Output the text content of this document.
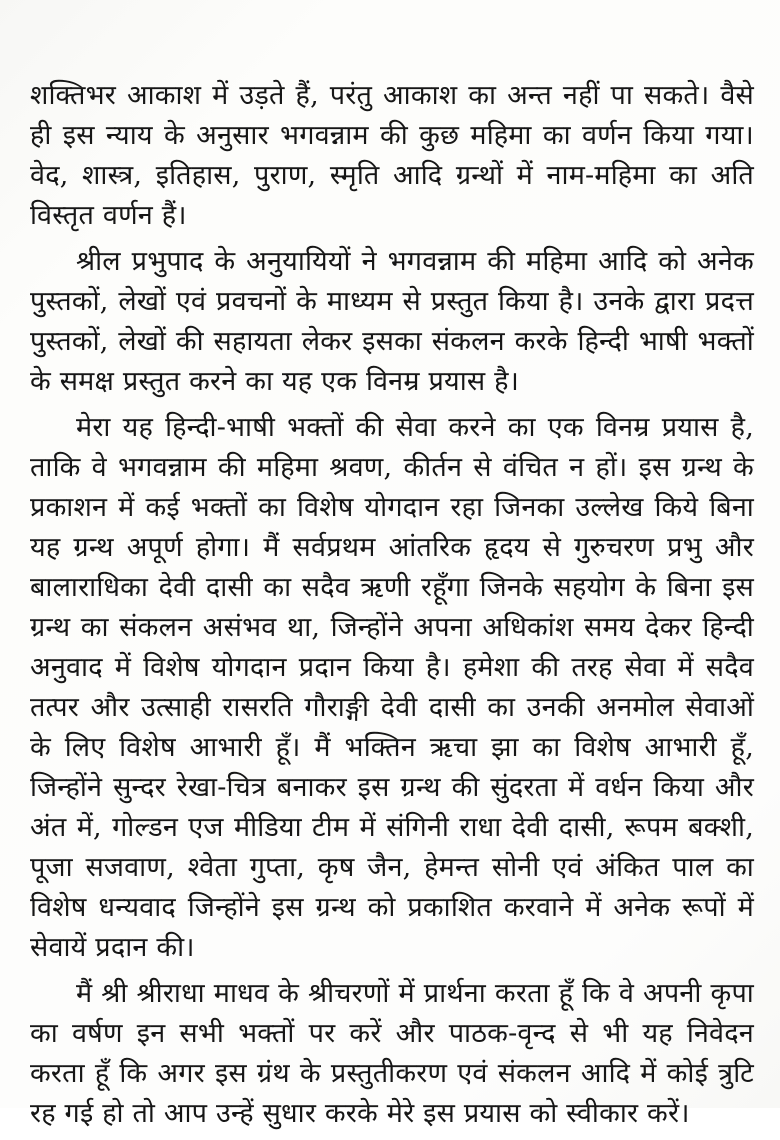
शक्तिभर आकाश में उड़ते हैं, परंतु आकाश का अन्त नहीं पा सकते। वैसे ही इस न्याय के अनुसार भगवन्नाम की कुछ महिमा का वर्णन किया गया। वेद, शास्त्र, इतिहास, पुराण, स्मृति आदि ग्रन्थों में नाम-महिमा का अति विस्तृत वर्णन हैं।

श्रील प्रभुपाद के अनुयायियों ने भगवन्नाम की महिमा आदि को अनेक पुस्तकों, लेखों एवं प्रवचनों के माध्यम से प्रस्तुत किया है। उनके द्वारा प्रदत्त पुस्तकों, लेखों की सहायता लेकर इसका संकलन करके हिन्दी भाषी भक्तों के समक्ष प्रस्तुत करने का यह एक विनम्र प्रयास है।

मेरा यह हिन्दी-भाषी भक्तों की सेवा करने का एक विनम्र प्रयास है, ताकि वे भगवन्नाम की महिमा श्रवण, कीर्तन से वंचित न हों। इस ग्रन्थ के प्रकाशन में कई भक्तों का विशेष योगदान रहा जिनका उल्लेख किये बिना यह ग्रन्थ अपूर्ण होगा। मैं सर्वप्रथम आंतरिक हृदय से गुरुचरण प्रभु और बालाराधिका देवी दासी का सदैव ऋणी रहूँगा जिनके सहयोग के बिना इस ग्रन्थ का संकलन असंभव था, जिन्होंने अपना अधिकांश समय देकर हिन्दी अनुवाद में विशेष योगदान प्रदान किया है। हमेशा की तरह सेवा में सदैव तत्पर और उत्साही रासरति गौराङ्गी देवी दासी का उनकी अनमोल सेवाओं के लिए विशेष आभारी हूँ। मैं भक्तिन ऋचा झा का विशेष आभारी हूँ, जिन्होंने सुन्दर रेखा-चित्र बनाकर इस ग्रन्थ की सुंदरता में वर्धन किया और अंत में, गोल्डन एज मीडिया टीम में संगिनी राधा देवी दासी, रूपम बक्शी, पूजा सजवाण, श्वेता गुप्ता, कृष जैन, हेमन्त सोनी एवं अंकित पाल का विशेष धन्यवाद जिन्होंने इस ग्रन्थ को प्रकाशित करवाने में अनेक रूपों में सेवायें प्रदान की।

मैं श्री श्रीराधा माधव के श्रीचरणों में प्रार्थना करता हूँ कि वे अपनी कृपा का वर्षण इन सभी भक्तों पर करें और पाठक-वृन्द से भी यह निवेदन करता हूँ कि अगर इस ग्रंथ के प्रस्तुतीकरण एवं संकलन आदि में कोई त्रुटि रह गई हो तो आप उन्हें सुधार करके मेरे इस प्रयास को स्वीकार करें।
